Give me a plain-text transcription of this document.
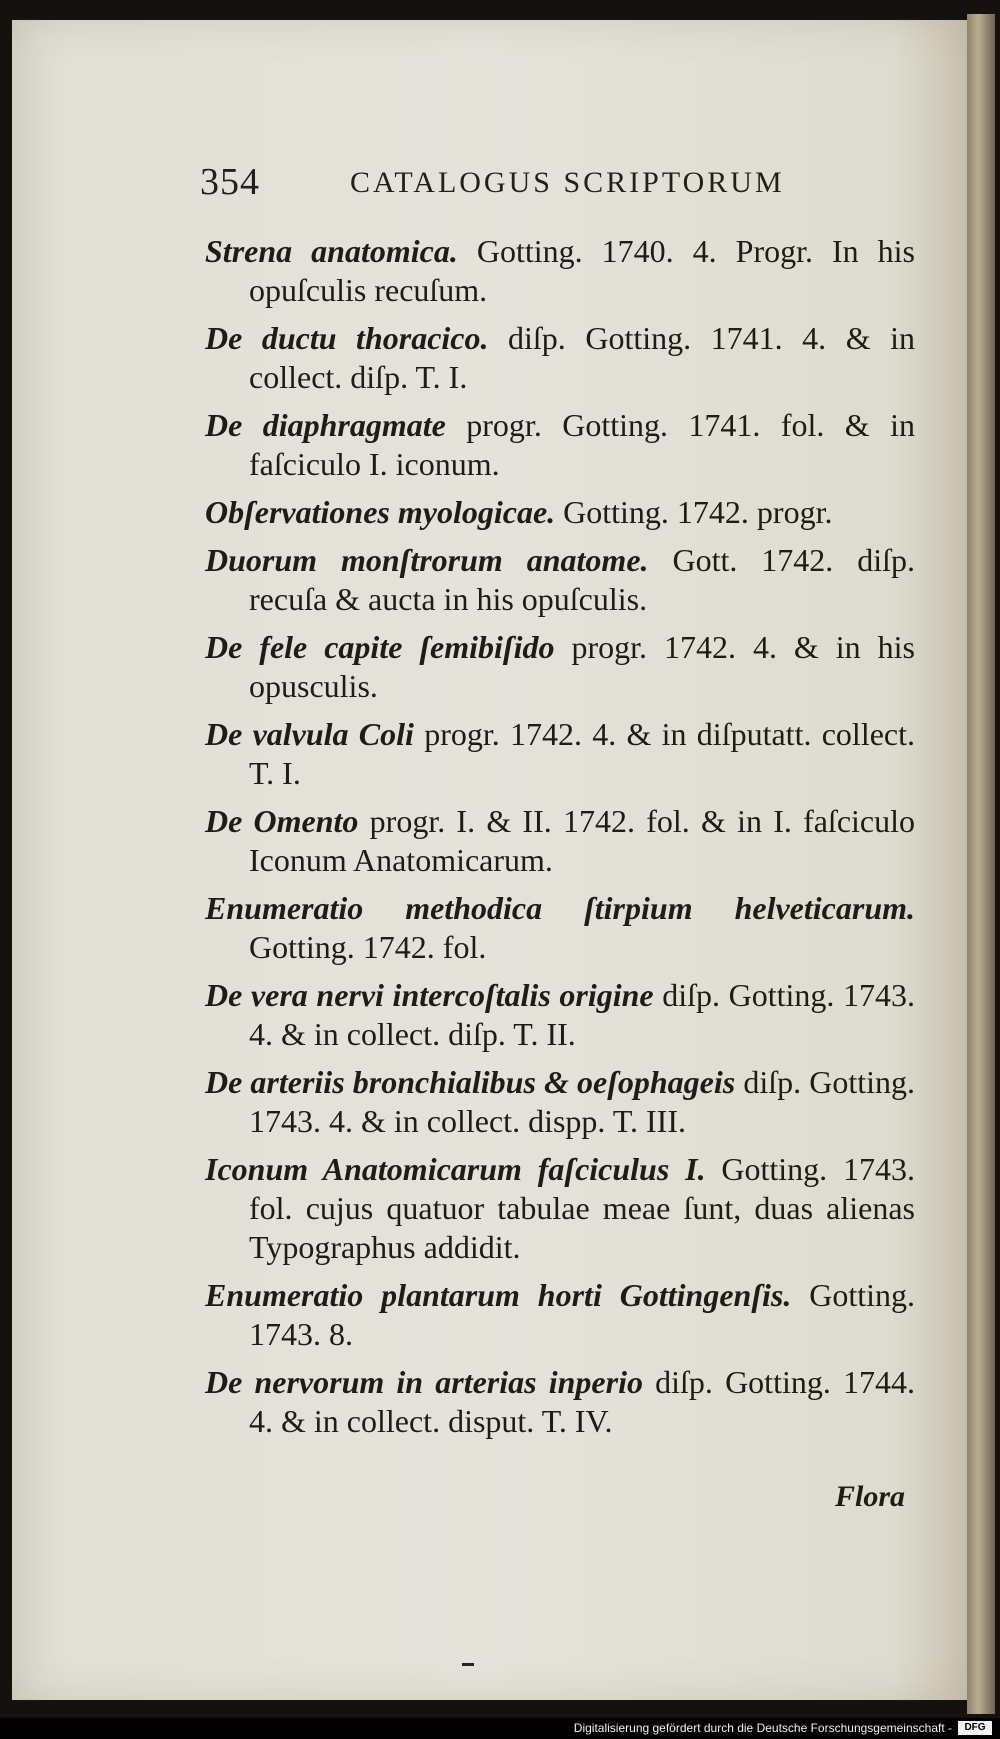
354	CATALOGUS SCRIPTORUM

Strena anatomica. Gotting. 1740. 4. Progr. In his opuſculis recuſum.

De ductu thoracico. diſp. Gotting. 1741. 4. & in collect. diſp. T. I.

De diaphragmate progr. Gotting. 1741. fol. & in faſciculo I. iconum.

Obſervationes myologicae. Gotting. 1742. progr.

Duorum monſtrorum anatome. Gott. 1742. diſp. recuſa & aucta in his opuſculis.

De fele capite ſemibiſido progr. 1742. 4. & in his opusculis.

De valvula Coli progr. 1742. 4. & in diſputatt. collect. T. I.

De Omento progr. I. & II. 1742. fol. & in I. faſciculo Iconum Anatomicarum.

Enumeratio methodica ſtirpium helveticarum. Gotting. 1742. fol.

De vera nervi intercoſtalis origine diſp. Gotting. 1743. 4. & in collect. diſp. T. II.

De arteriis bronchialibus & oeſophageis diſp. Gotting. 1743. 4. & in collect. dispp. T. III.

Iconum Anatomicarum faſciculus I. Gotting. 1743. fol. cujus quatuor tabulae meae ſunt, duas alienas Typographus addidit.

Enumeratio plantarum horti Gottingenſis. Gotting. 1743. 8.

De nervorum in arterias inperio diſp. Gotting. 1744. 4. & in collect. disput. T. IV.

Flora
Digitalisierung gefördert durch die Deutsche Forschungsgemeinschaft -	DFG
